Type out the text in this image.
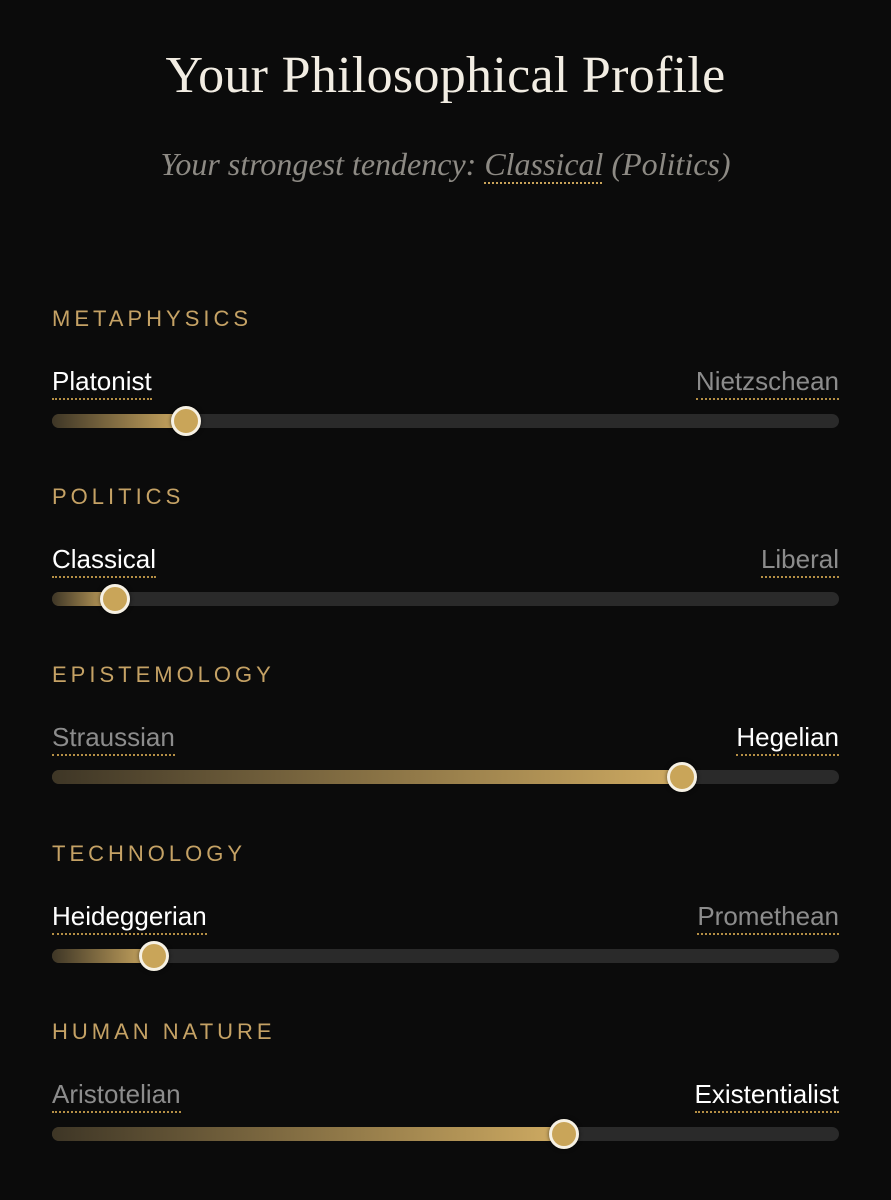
Your Philosophical Profile
Your strongest tendency: Classical (Politics)
METAPHYSICS
Platonist	Nietzschean
POLITICS
Classical	Liberal
EPISTEMOLOGY
Straussian	Hegelian
TECHNOLOGY
Heideggerian	Promethean
HUMAN NATURE
Aristotelian	Existentialist
